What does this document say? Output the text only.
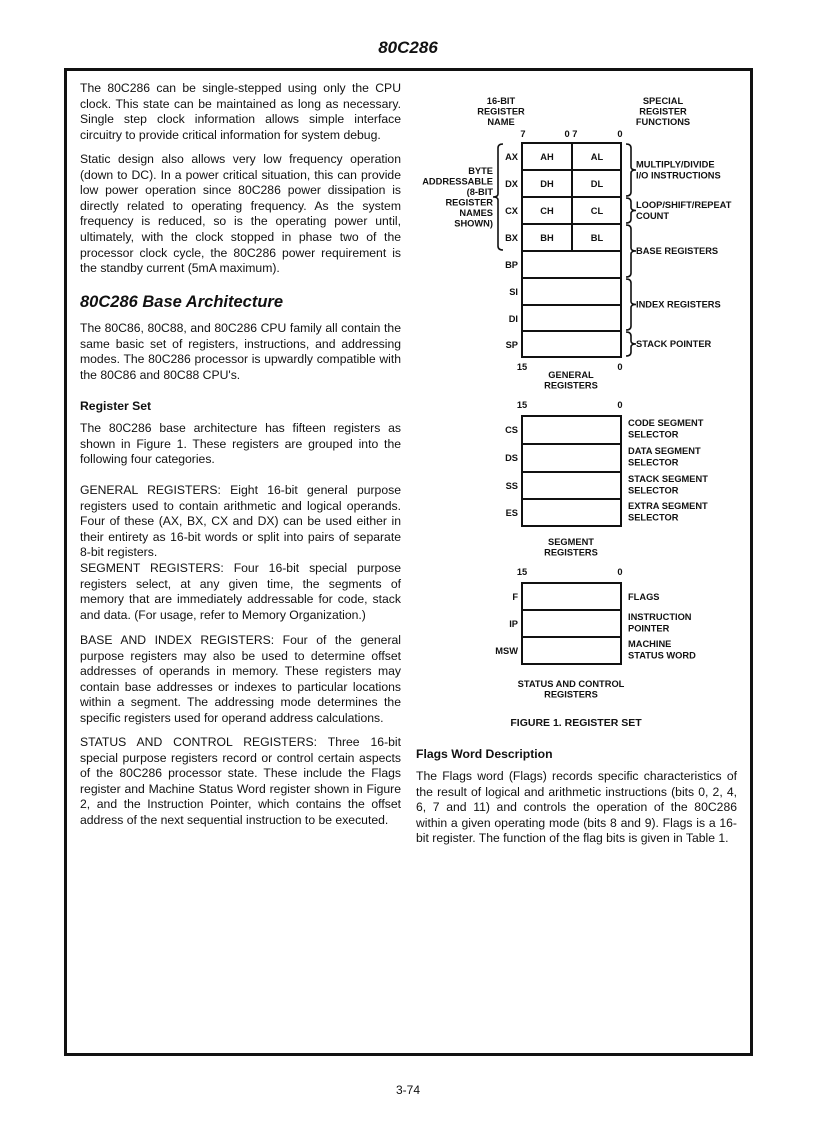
80C286

The 80C286 can be single-stepped using only the CPU clock. This state can be maintained as long as necessary. Single step clock information allows simple interface circuitry to provide critical information for system debug.

Static design also allows very low frequency operation (down to DC). In a power critical situation, this can provide low power operation since 80C286 power dissipation is directly related to operating frequency. As the system frequency is reduced, so is the operating power until, ultimately, with the clock stopped in phase two of the processor clock cycle, the 80C286 power requirement is the standby current (5mA maximum).

80C286 Base Architecture

The 80C86, 80C88, and 80C286 CPU family all contain the same basic set of registers, instructions, and addressing modes. The 80C286 processor is upwardly compatible with the 80C86 and 80C88 CPU's.

Register Set

The 80C286 base architecture has fifteen registers as shown in Figure 1. These registers are grouped into the following four categories.

GENERAL REGISTERS: Eight 16-bit general purpose registers used to contain arithmetic and logical operands. Four of these (AX, BX, CX and DX) can be used either in their entirety as 16-bit words or split into pairs of separate 8-bit registers.

SEGMENT REGISTERS: Four 16-bit special purpose registers select, at any given time, the segments of memory that are immediately addressable for code, stack and data. (For usage, refer to Memory Organization.)

BASE AND INDEX REGISTERS: Four of the general purpose registers may also be used to determine offset addresses of operands in memory. These registers may contain base addresses or indexes to particular locations within a segment. The addressing mode determines the specific registers used for operand address calculations.

STATUS AND CONTROL REGISTERS: Three 16-bit special purpose registers record or control certain aspects of the 80C286 processor state. These include the Flags register and Machine Status Word register shown in Figure 2, and the Instruction Pointer, which contains the offset address of the next sequential instruction to be executed.

Flags Word Description

The Flags word (Flags) records specific characteristics of the result of logical and arithmetic instructions (bits 0, 2, 4, 6, 7 and 11) and controls the operation of the 80C286 within a given operating mode (bits 8 and 9). Flags is a 16-bit register. The function of the flag bits is given in Table 1.

3-74
16-BIT
REGISTER
NAME
SPECIAL
REGISTER
FUNCTIONS
BYTE
ADDRESSABLE
(8-BIT
REGISTER
NAMES
SHOWN)
7	0 7	0
AX AH	AL
DX DH	DL
CX CH	CL
BX BH	BL
BP
SI
DI
SP
15	0
GENERAL
REGISTERS
MULTIPLY/DIVIDE
I/O INSTRUCTIONS
LOOP/SHIFT/REPEAT
COUNT
BASE REGISTERS
INDEX REGISTERS
STACK POINTER
15	0
CS
CODE SEGMENT
SELECTOR
DS
DATA SEGMENT
SELECTOR
SS
STACK SEGMENT
SELECTOR
ES
EXTRA SEGMENT
SELECTOR
SEGMENT
REGISTERS
15	0
F	FLAGS
IP
INSTRUCTION
POINTER
MSW
MACHINE
STATUS WORD
STATUS AND CONTROL
REGISTERS
FIGURE 1. REGISTER SET
